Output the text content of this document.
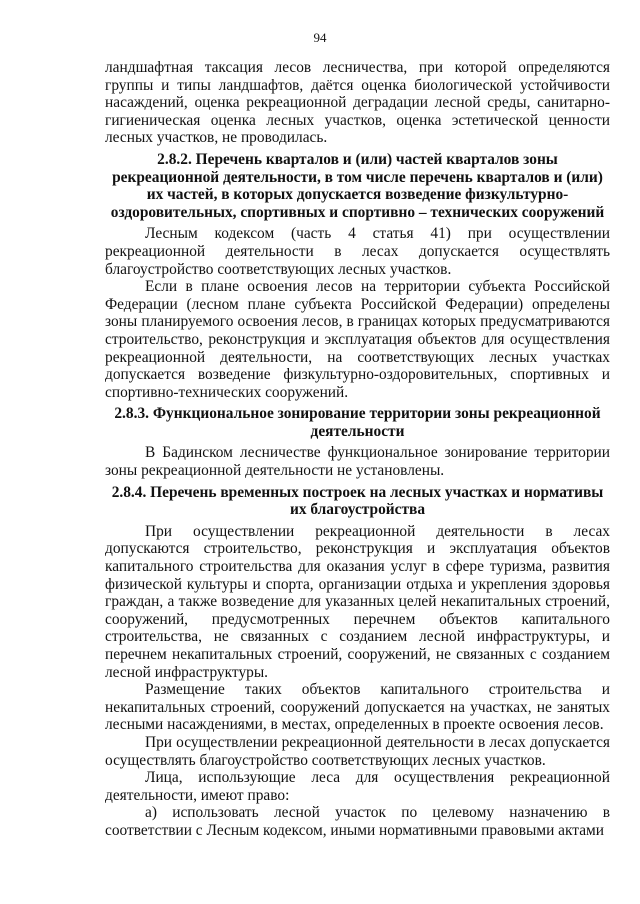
94

ландшафтная таксация лесов лесничества, при которой определяются группы и типы ландшафтов, даётся оценка биологической устойчивости насаждений, оценка рекреационной деградации лесной среды, санитарно- гигиеническая оценка лесных участков, оценка эстетической ценности лесных участков, не проводилась.

2.8.2. Перечень кварталов и (или) частей кварталов зоны рекреационной деятельности, в том числе перечень кварталов и (или) их частей, в которых допускается возведение физкультурно-оздоровительных, спортивных и спортивно – технических сооружений

Лесным кодексом (часть 4 статья 41) при осуществлении рекреационной деятельности в лесах допускается осуществлять благоустройство соответствующих лесных участков.

Если в плане освоения лесов на территории субъекта Российской Федерации (лесном плане субъекта Российской Федерации) определены зоны планируемого освоения лесов, в границах которых предусматриваются строительство, реконструкция и эксплуатация объектов для осуществления рекреационной деятельности, на соответствующих лесных участках допускается возведение физкультурно-оздоровительных, спортивных и спортивно-технических сооружений.

2.8.3. Функциональное зонирование территории зоны рекреационной деятельности

В Бадинском лесничестве функциональное зонирование территории зоны рекреационной деятельности не установлены.

2.8.4. Перечень временных построек на лесных участках и нормативы их благоустройства

При осуществлении рекреационной деятельности в лесах допускаются строительство, реконструкция и эксплуатация объектов капитального строительства для оказания услуг в сфере туризма, развития физической культуры и спорта, организации отдыха и укрепления здоровья граждан, а также возведение для указанных целей некапитальных строений, сооружений, предусмотренных перечнем объектов капитального строительства, не связанных с созданием лесной инфраструктуры, и перечнем некапитальных строений, сооружений, не связанных с созданием лесной инфраструктуры.

Размещение таких объектов капитального строительства и некапитальных строений, сооружений допускается на участках, не занятых лесными насаждениями, в местах, определенных в проекте освоения лесов.

При осуществлении рекреационной деятельности в лесах допускается осуществлять благоустройство соответствующих лесных участков.

Лица, использующие леса для осуществления рекреационной деятельности, имеют право:

а) использовать лесной участок по целевому назначению в соответствии с Лесным кодексом, иными нормативными правовыми актами
